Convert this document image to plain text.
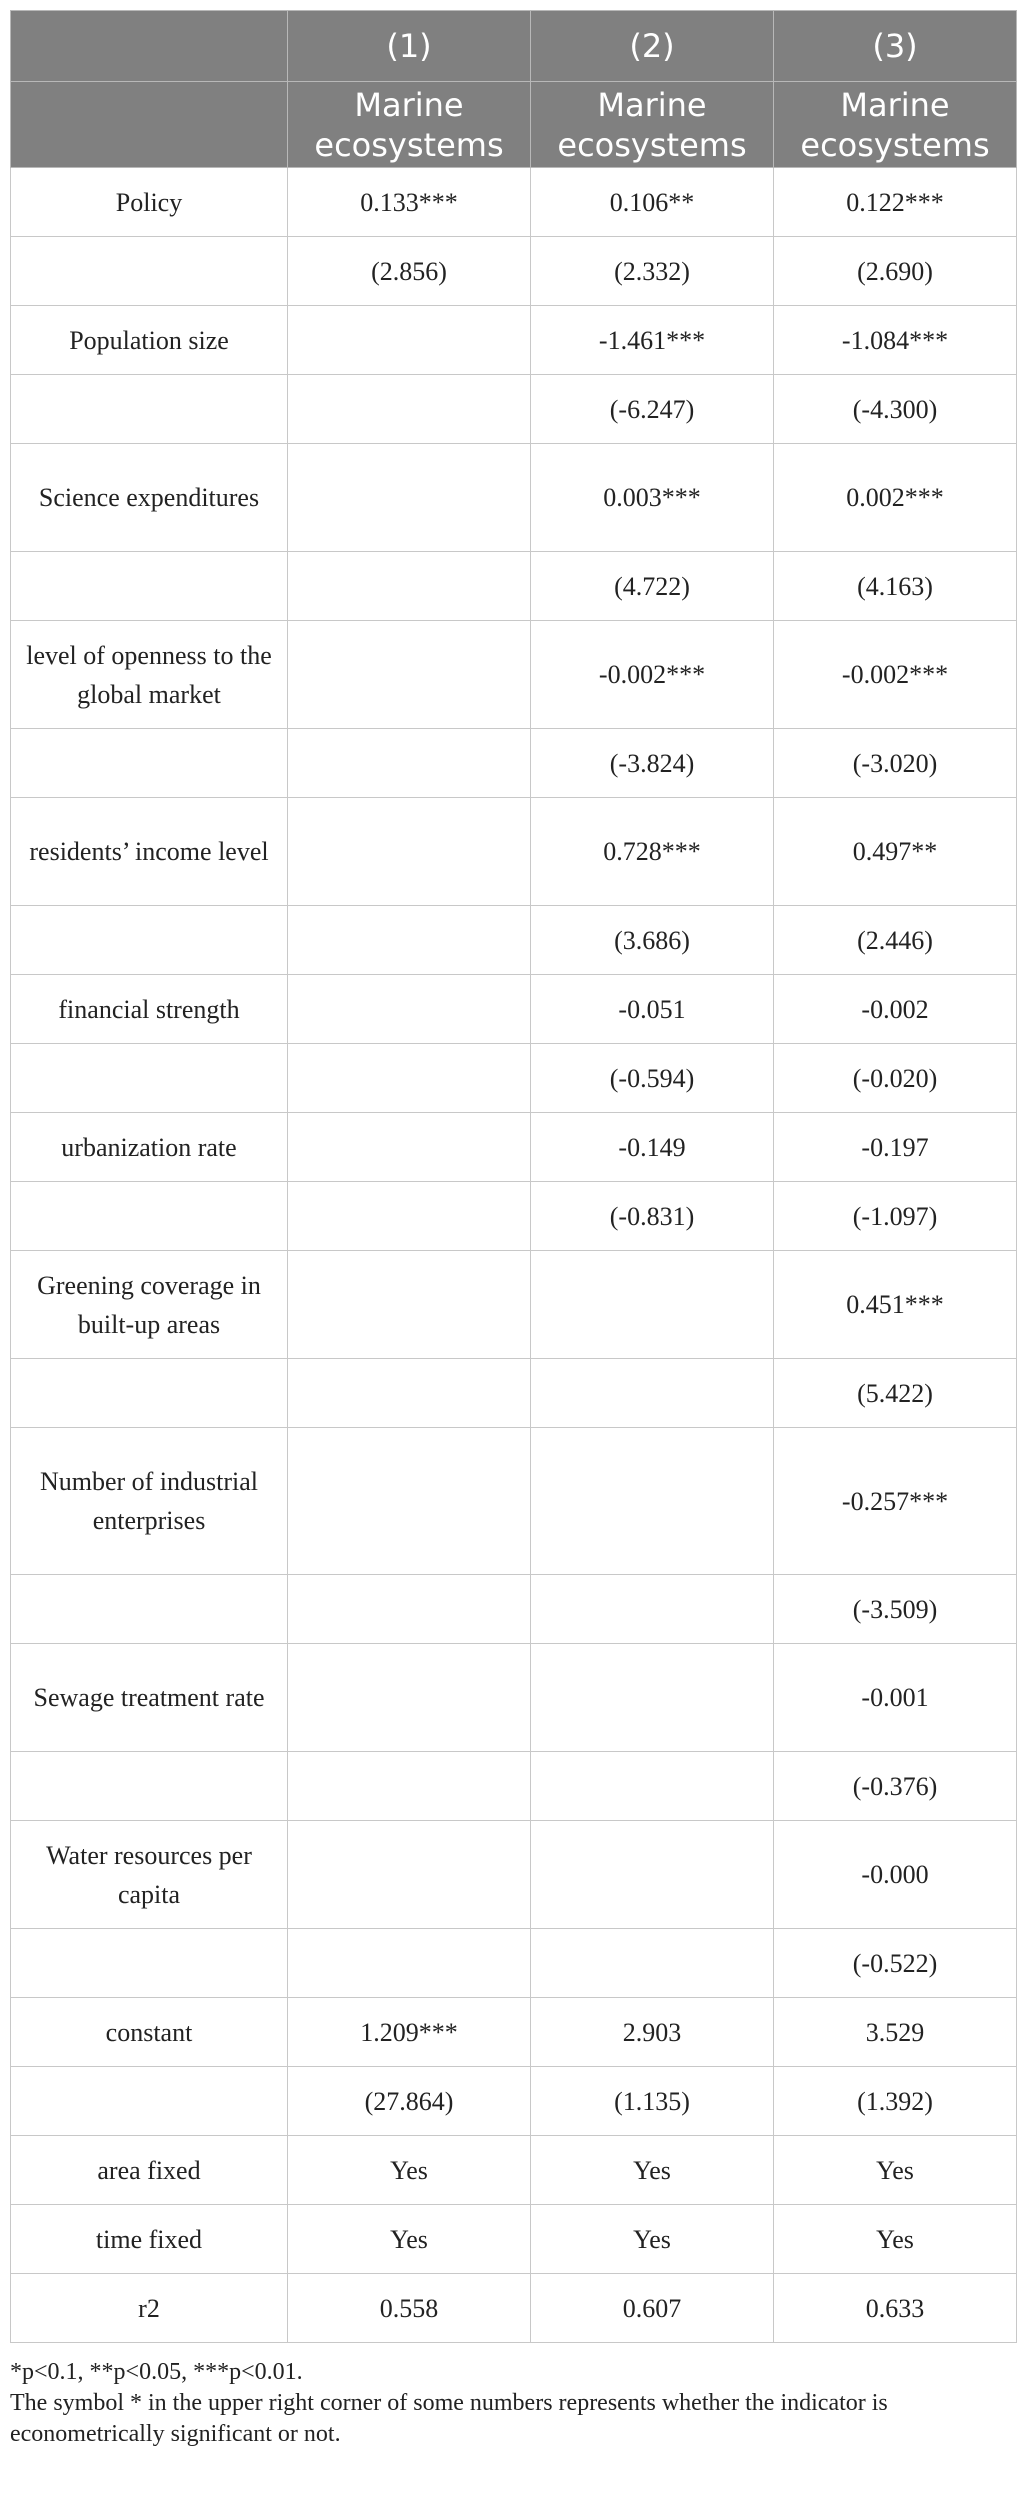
	(1)	(2)	(3)
	Marine ecosystems	Marine ecosystems	Marine ecosystems
Policy	0.133***	0.106**	0.122***
	(2.856)	(2.332)	(2.690)
Population size		-1.461***	-1.084***
		(-6.247)	(-4.300)
Science expenditures		0.003***	0.002***
		(4.722)	(4.163)
level of openness to the global market		-0.002***	-0.002***
		(-3.824)	(-3.020)
residents’ income level		0.728***	0.497**
		(3.686)	(2.446)
financial strength		-0.051	-0.002
		(-0.594)	(-0.020)
urbanization rate		-0.149	-0.197
		(-0.831)	(-1.097)
Greening coverage in built-up areas			0.451***
			(5.422)
Number of industrial enterprises			-0.257***
			(-3.509)
Sewage treatment rate			-0.001
			(-0.376)
Water resources per capita			-0.000
			(-0.522)
constant	1.209***	2.903	3.529
	(27.864)	(1.135)	(1.392)
area fixed	Yes	Yes	Yes
time fixed	Yes	Yes	Yes
r2	0.558	0.607	0.633
*p<0.1, **p<0.05, ***p<0.01.
The symbol * in the upper right corner of some numbers represents whether the indicator is econometrically significant or not.
